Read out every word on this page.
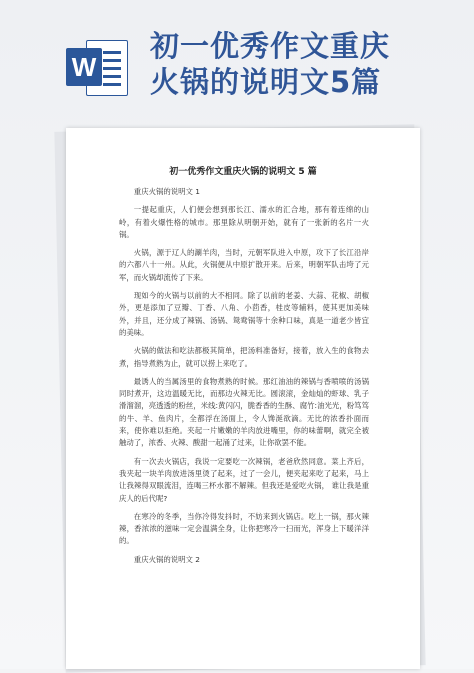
W
初一优秀作文重庆
火锅的说明文5篇
初一优秀作文重庆火锅的说明文 5 篇

重庆火锅的说明文 1

一提起重庆，人们便会想到那长江、濡水的汇合地，那有着连绵的山岭，有着火爆性格的城市。那里除从明朝开始，就有了一张新的名片一火锅。

火锅，源于辽人的涮羊肉，当时，元朝军队进入中原，攻下了长江沿岸的六都八十一州。从此，火锅便从中原扩散开来。后来，明朝军队击垮了元军，而火锅却流传了下来。

现如今的火锅与以前的大不相同。除了以前的老姜、大蒜、花椒、胡椒外，更是添加了豆瓣、丁香、八角、小茴香，桂皮等辅料，使其更加美味外，并且，还分成了辣锅、汤锅、鸳鸯锅等十余种口味，真是一道老少皆宜的美味。

火锅的做法和吃法都极其简单，把汤料准备好，接着，放入生的食物去煮，指导煮熟为止，就可以捞上来吃了。

最诱人的当属汤里的食物煮熟的时候。那红油油的辣锅与香喷喷的汤锅同时煮开，这边温暖无比，而那边火辣无比。圆滚滚，金灿灿的虾球、乳子滑溜溜，亮透透的粉丝，米线:黄闪闪，脆香香的生酥、腐竹:油光光，粉笃笃的牛、羊、鱼肉片，全都浮在汤面上，令人馋涎欲滴。无比的浓香扑面而来，使你难以拒绝。夹起一片嫩嫩的羊肉放进嘴里，你的味蕾啊，就完全被触动了，浓香、火辣、酸甜一起涌了过来，让你欲罢不能。

有一次去火锅店，我说一定要吃一次辣锅，老爸欣然同意。菜上齐后，我夹起一块羊肉放进汤里烫了起来，过了一会儿，便夹起来吃了起来，马上让我辣得双眼流泪，连喝三杯水都不解辣。但我还是爱吃火锅， 谁让我是重庆人的后代呢?

在寒冷的冬季，当你冷得发抖时，不妨来到火锅店。吃上一锅，那火辣辣，香浓浓的滋味一定会温满全身，让你把寒冷一扫而光，浑身上下暖洋洋的。

重庆火锅的说明文 2
